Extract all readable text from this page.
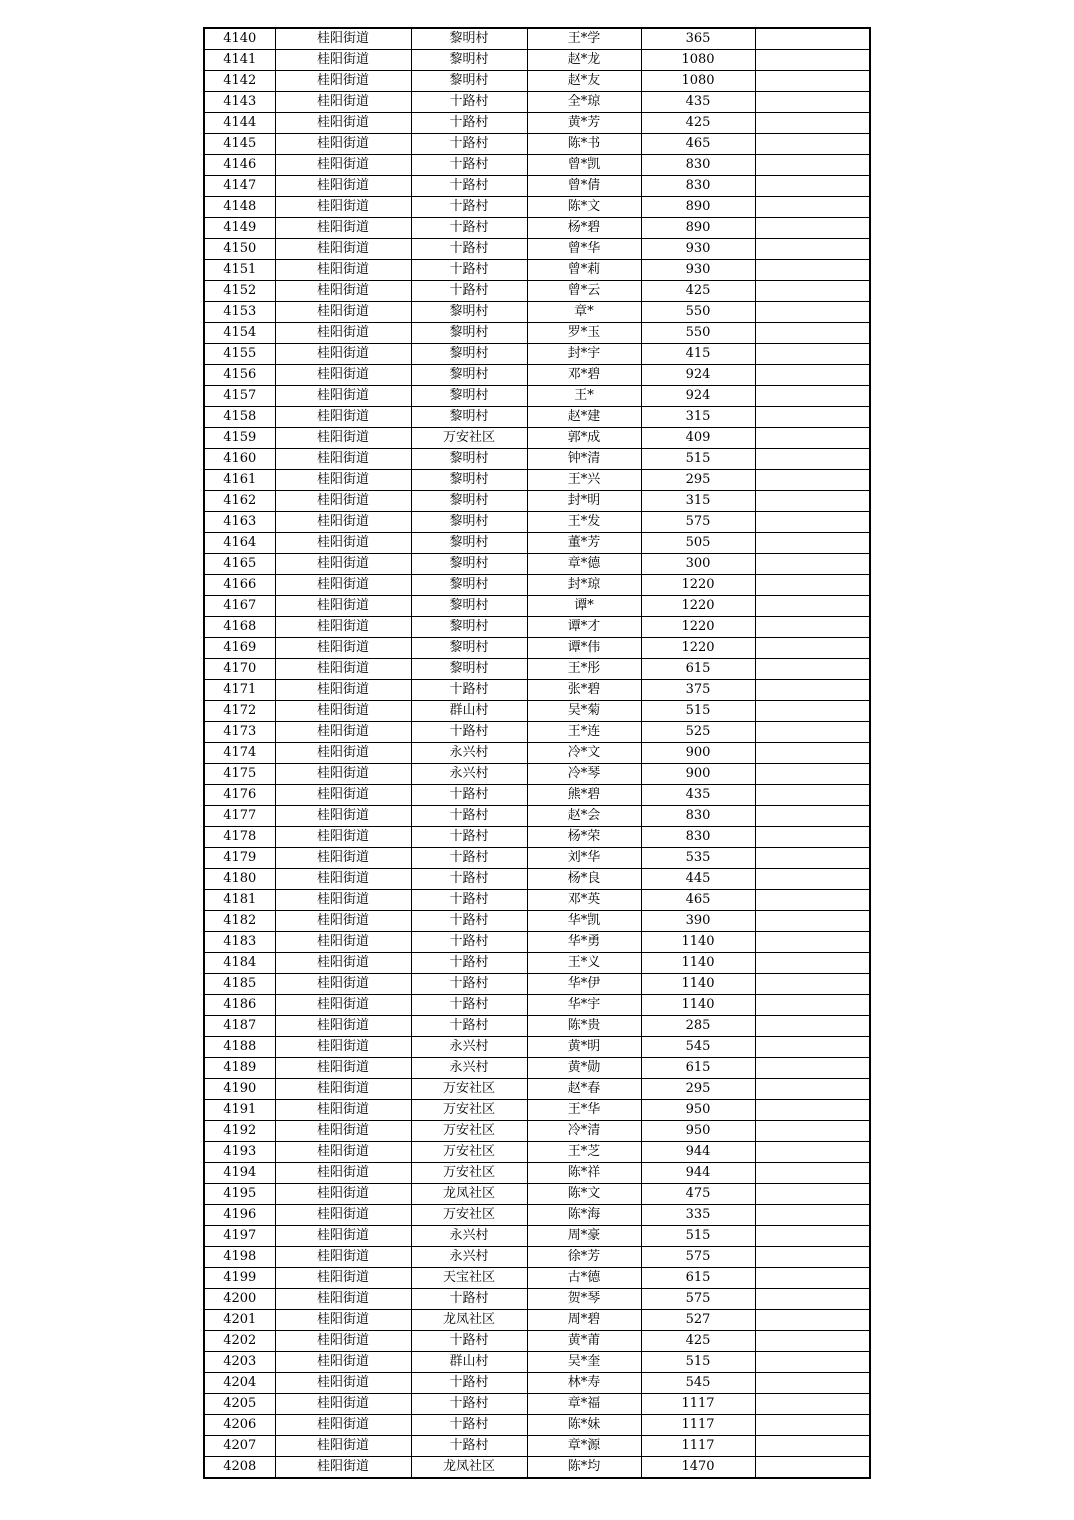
4140	桂阳街道	黎明村	王*学	365	
4141	桂阳街道	黎明村	赵*龙	1080	
4142	桂阳街道	黎明村	赵*友	1080	
4143	桂阳街道	十路村	全*琼	435	
4144	桂阳街道	十路村	黄*芳	425	
4145	桂阳街道	十路村	陈*书	465	
4146	桂阳街道	十路村	曾*凯	830	
4147	桂阳街道	十路村	曾*倩	830	
4148	桂阳街道	十路村	陈*文	890	
4149	桂阳街道	十路村	杨*碧	890	
4150	桂阳街道	十路村	曾*华	930	
4151	桂阳街道	十路村	曾*莉	930	
4152	桂阳街道	十路村	曾*云	425	
4153	桂阳街道	黎明村	章*	550	
4154	桂阳街道	黎明村	罗*玉	550	
4155	桂阳街道	黎明村	封*宇	415	
4156	桂阳街道	黎明村	邓*碧	924	
4157	桂阳街道	黎明村	王*	924	
4158	桂阳街道	黎明村	赵*建	315	
4159	桂阳街道	万安社区	郭*成	409	
4160	桂阳街道	黎明村	钟*清	515	
4161	桂阳街道	黎明村	王*兴	295	
4162	桂阳街道	黎明村	封*明	315	
4163	桂阳街道	黎明村	王*发	575	
4164	桂阳街道	黎明村	董*芳	505	
4165	桂阳街道	黎明村	章*德	300	
4166	桂阳街道	黎明村	封*琼	1220	
4167	桂阳街道	黎明村	谭*	1220	
4168	桂阳街道	黎明村	谭*才	1220	
4169	桂阳街道	黎明村	谭*伟	1220	
4170	桂阳街道	黎明村	王*彤	615	
4171	桂阳街道	十路村	张*碧	375	
4172	桂阳街道	群山村	吴*菊	515	
4173	桂阳街道	十路村	王*连	525	
4174	桂阳街道	永兴村	冷*文	900	
4175	桂阳街道	永兴村	冷*琴	900	
4176	桂阳街道	十路村	熊*碧	435	
4177	桂阳街道	十路村	赵*会	830	
4178	桂阳街道	十路村	杨*荣	830	
4179	桂阳街道	十路村	刘*华	535	
4180	桂阳街道	十路村	杨*良	445	
4181	桂阳街道	十路村	邓*英	465	
4182	桂阳街道	十路村	华*凯	390	
4183	桂阳街道	十路村	华*勇	1140	
4184	桂阳街道	十路村	王*义	1140	
4185	桂阳街道	十路村	华*伊	1140	
4186	桂阳街道	十路村	华*宇	1140	
4187	桂阳街道	十路村	陈*贵	285	
4188	桂阳街道	永兴村	黄*明	545	
4189	桂阳街道	永兴村	黄*勋	615	
4190	桂阳街道	万安社区	赵*春	295	
4191	桂阳街道	万安社区	王*华	950	
4192	桂阳街道	万安社区	冷*清	950	
4193	桂阳街道	万安社区	王*芝	944	
4194	桂阳街道	万安社区	陈*祥	944	
4195	桂阳街道	龙凤社区	陈*文	475	
4196	桂阳街道	万安社区	陈*海	335	
4197	桂阳街道	永兴村	周*豪	515	
4198	桂阳街道	永兴村	徐*芳	575	
4199	桂阳街道	天宝社区	古*德	615	
4200	桂阳街道	十路村	贺*琴	575	
4201	桂阳街道	龙凤社区	周*碧	527	
4202	桂阳街道	十路村	黄*莆	425	
4203	桂阳街道	群山村	吴*奎	515	
4204	桂阳街道	十路村	林*寿	545	
4205	桂阳街道	十路村	章*福	1117	
4206	桂阳街道	十路村	陈*妹	1117	
4207	桂阳街道	十路村	章*源	1117	
4208	桂阳街道	龙凤社区	陈*均	1470	
